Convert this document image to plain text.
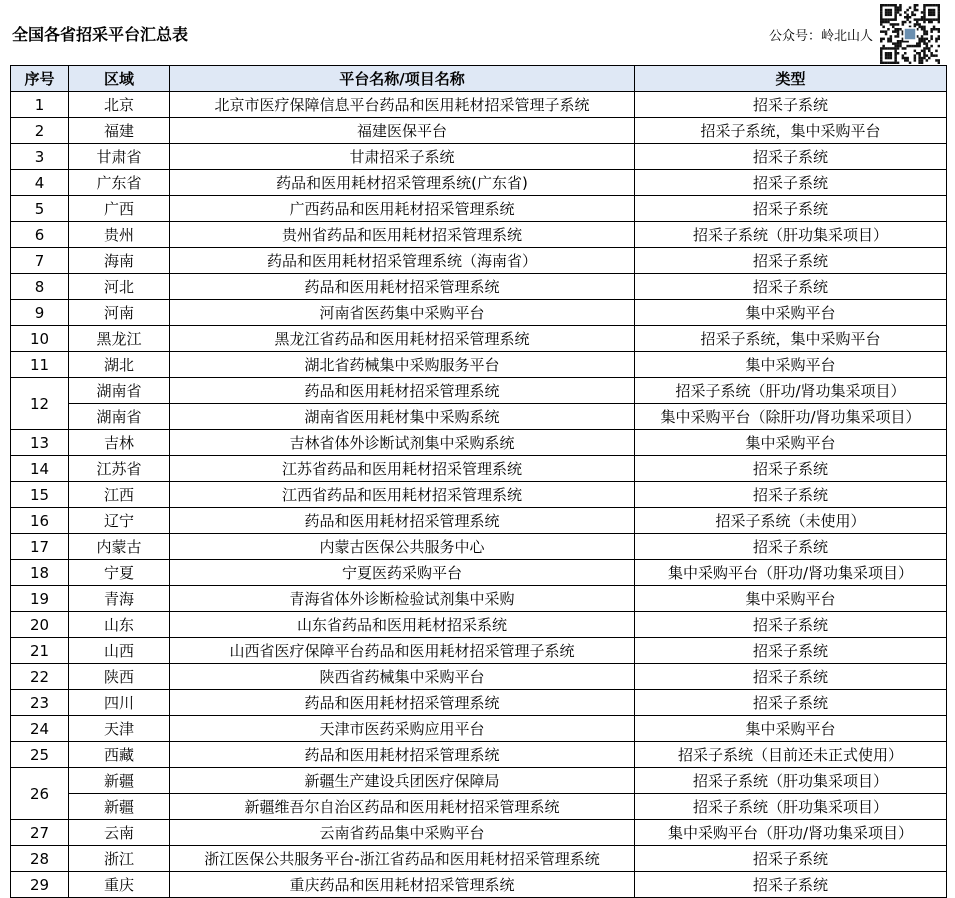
全国各省招采平台汇总表	公众号：岭北山人
序号	区域	平台名称/项目名称	类型
1	北京	北京市医疗保障信息平台药品和医用耗材招采管理子系统	招采子系统
2	福建	福建医保平台	招采子系统，集中采购平台
3	甘肃省	甘肃招采子系统	招采子系统
4	广东省	药品和医用耗材招采管理系统(广东省)	招采子系统
5	广西	广西药品和医用耗材招采管理系统	招采子系统
6	贵州	贵州省药品和医用耗材招采管理系统	招采子系统（肝功集采项目）
7	海南	药品和医用耗材招采管理系统（海南省）	招采子系统
8	河北	药品和医用耗材招采管理系统	招采子系统
9	河南	河南省医药集中采购平台	集中采购平台
10	黑龙江	黑龙江省药品和医用耗材招采管理系统	招采子系统，集中采购平台
11	湖北	湖北省药械集中采购服务平台	集中采购平台
12	湖南省	药品和医用耗材招采管理系统	招采子系统（肝功/肾功集采项目）
	湖南省	湖南省医用耗材集中采购系统	集中采购平台（除肝功/肾功集采项目）
13	吉林	吉林省体外诊断试剂集中采购系统	集中采购平台
14	江苏省	江苏省药品和医用耗材招采管理系统	招采子系统
15	江西	江西省药品和医用耗材招采管理系统	招采子系统
16	辽宁	药品和医用耗材招采管理系统	招采子系统（未使用）
17	内蒙古	内蒙古医保公共服务中心	招采子系统
18	宁夏	宁夏医药采购平台	集中采购平台（肝功/肾功集采项目）
19	青海	青海省体外诊断检验试剂集中采购	集中采购平台
20	山东	山东省药品和医用耗材招采系统	招采子系统
21	山西	山西省医疗保障平台药品和医用耗材招采管理子系统	招采子系统
22	陕西	陕西省药械集中采购平台	招采子系统
23	四川	药品和医用耗材招采管理系统	招采子系统
24	天津	天津市医药采购应用平台	集中采购平台
25	西藏	药品和医用耗材招采管理系统	招采子系统（目前还未正式使用）
26	新疆	新疆生产建设兵团医疗保障局	招采子系统（肝功集采项目）
	新疆	新疆维吾尔自治区药品和医用耗材招采管理系统	招采子系统（肝功集采项目）
27	云南	云南省药品集中采购平台	集中采购平台（肝功/肾功集采项目）
28	浙江	浙江医保公共服务平台-浙江省药品和医用耗材招采管理系统	招采子系统
29	重庆	重庆药品和医用耗材招采管理系统	招采子系统
